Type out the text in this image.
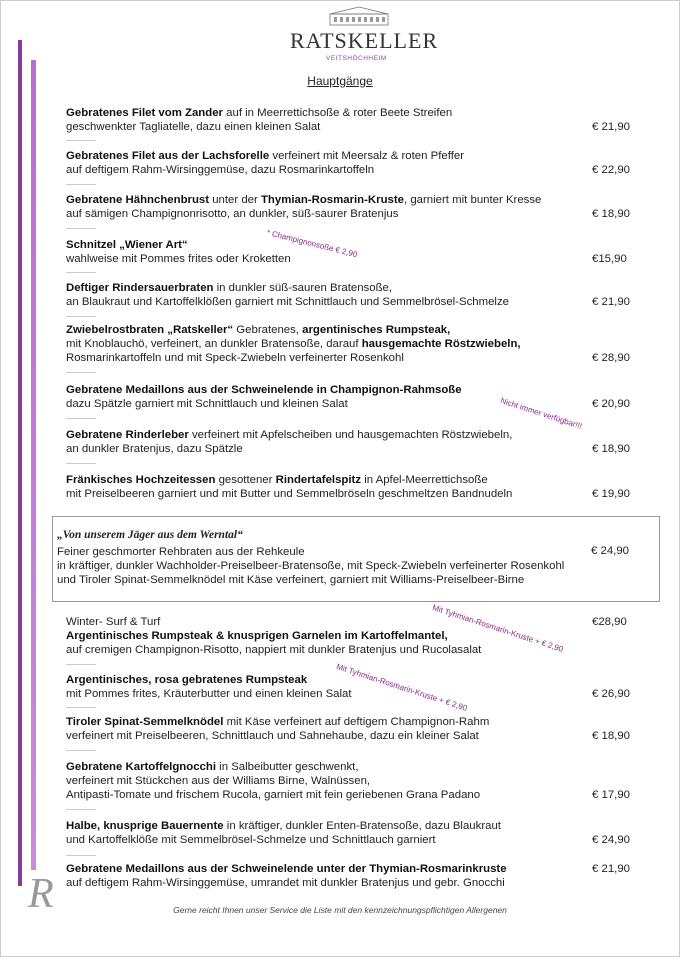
RATSKELLER
VEITSHÖCHHEIM
Hauptgänge
Gebratenes Filet vom Zander auf in Meerrettichsoße & roter Beete Streifen
geschwenkter Tagliatelle, dazu einen kleinen Salat	€ 21,90
Gebratenes Filet aus der Lachsforelle verfeinert mit Meersalz & roten Pfeffer
auf deftigem Rahm-Wirsinggemüse, dazu Rosmarinkartoffeln	€ 22,90
Gebratene Hähnchenbrust unter der Thymian-Rosmarin-Kruste, garniert mit bunter Kresse
auf sämigen Champignonrisotto, an dunkler, süß-saurer Bratenjus	€ 18,90
Schnitzel „Wiener Art“
wahlweise mit Pommes frites oder Kroketten	€15,90
* Champignonsoße € 2,90
Deftiger Rindersauerbraten in dunkler süß-sauren Bratensoße,
an Blaukraut und Kartoffelklößen garniert mit Schnittlauch und Semmelbrösel-Schmelze	€ 21,90
Zwiebelrostbraten „Ratskeller“ Gebratenes, argentinisches Rumpsteak,
mit Knoblauchö, verfeinert, an dunkler Bratensoße, darauf hausgemachte Röstzwiebeln,
Rosmarinkartoffeln und mit Speck-Zwiebeln verfeinerter Rosenkohl	€ 28,90
Gebratene Medaillons aus der Schweinelende in Champignon-Rahmsoße
dazu Spätzle garniert mit Schnittlauch und kleinen Salat	€ 20,90
Nicht immer verfügbar!!!
Gebratene Rinderleber verfeinert mit Apfelscheiben und hausgemachten Röstzwiebeln,
an dunkler Bratenjus, dazu Spätzle	€ 18,90
Fränkisches Hochzeitessen gesottener Rindertafelspitz in Apfel-Meerrettichsoße
mit Preiselbeeren garniert und mit Butter und Semmelbröseln geschmeltzen Bandnudeln	€ 19,90
„Von unserem Jäger aus dem Werntal“
Feiner geschmorter Rehbraten aus der Rehkeule
in kräftiger, dunkler Wachholder-Preiselbeer-Bratensoße, mit Speck-Zwiebeln verfeinerter Rosenkohl
und Tiroler Spinat-Semmelknödel mit Käse verfeinert, garniert mit Williams-Preiselbeer-Birne
€ 24,90
Winter- Surf & Turf
Argentinisches Rumpsteak & knusprigen Garnelen im Kartoffelmantel,
auf cremigen Champignon-Risotto, nappiert mit dunkler Bratenjus und Rucolasalat
€28,90
Mit Tyhmian-Rosmarin-Kruste + € 2,90
Argentinisches, rosa gebratenes Rumpsteak
mit Pommes frites, Kräuterbutter und einen kleinen Salat	€ 26,90
Mit Tyhmian-Rosmarin-Kruste + € 2,90
Tiroler Spinat-Semmelknödel mit Käse verfeinert auf deftigem Champignon-Rahm
verfeinert mit Preiselbeeren, Schnittlauch und Sahnehaube, dazu ein kleiner Salat	€ 18,90
Gebratene Kartoffelgnocchi in Salbeibutter geschwenkt,
verfeinert mit Stückchen aus der Williams Birne, Walnüssen,
Antipasti-Tomate und frischem Rucola, garniert mit fein geriebenen Grana Padano	€ 17,90
Halbe, knusprige Bauernente in kräftiger, dunkler Enten-Bratensoße, dazu Blaukraut
und Kartoffelklöße mit Semmelbrösel-Schmelze und Schnittlauch garniert	€ 24,90
Gebratene Medaillons aus der Schweinelende unter der Thymian-Rosmarinkruste
auf deftigem Rahm-Wirsinggemüse, umrandet mit dunkler Bratenjus und gebr. Gnocchi
€ 21,90
R	Gerne reicht Ihnen unser Service die Liste mit den kennzeichnungspflichtigen Allergenen
